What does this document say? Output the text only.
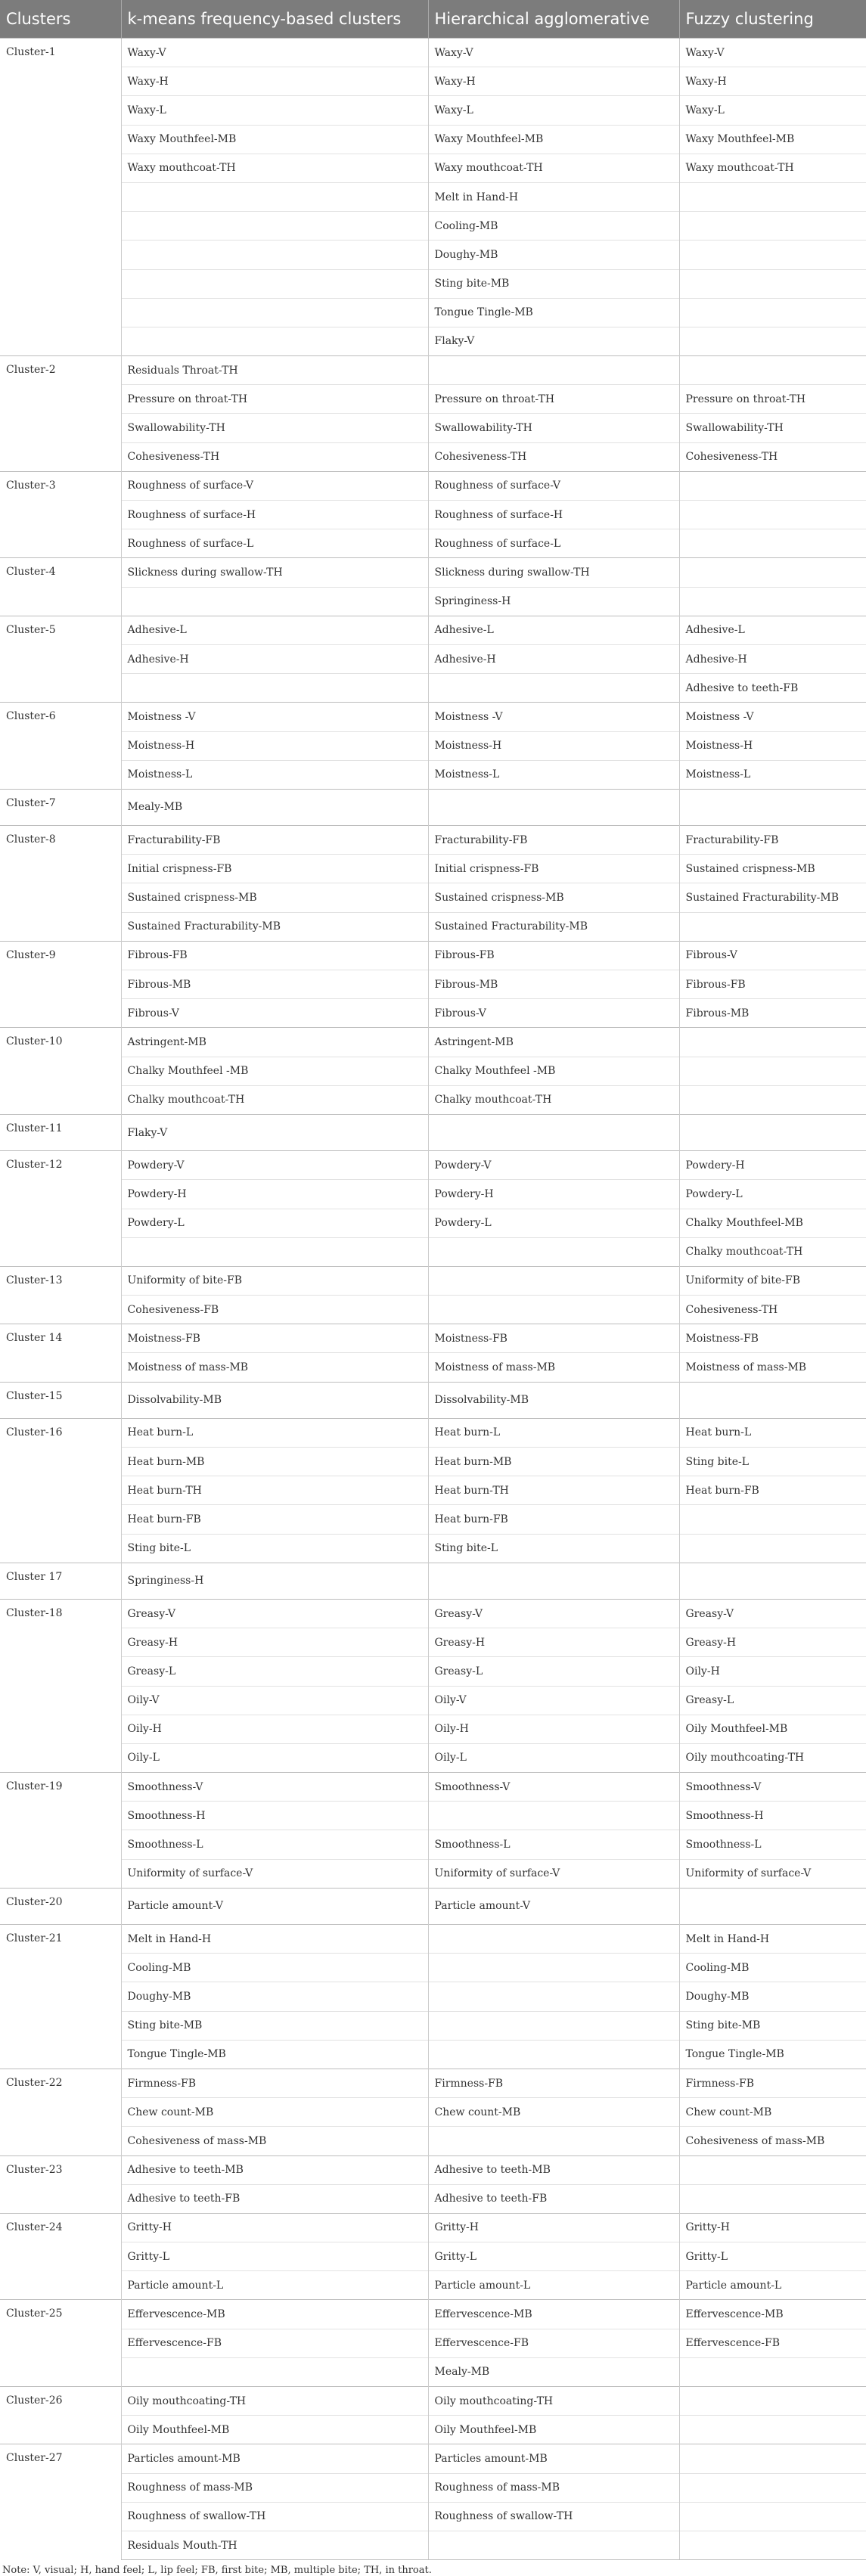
Clusters	k-means frequency-based clusters	Hierarchical agglomerative	Fuzzy clustering
Cluster-1	Waxy-V	Waxy-V	Waxy-V
	Waxy-H	Waxy-H	Waxy-H
	Waxy-L	Waxy-L	Waxy-L
	Waxy Mouthfeel-MB	Waxy Mouthfeel-MB	Waxy Mouthfeel-MB
	Waxy mouthcoat-TH	Waxy mouthcoat-TH	Waxy mouthcoat-TH
		Melt in Hand-H	
		Cooling-MB	
		Doughy-MB	
		Sting bite-MB	
		Tongue Tingle-MB	
		Flaky-V	
Cluster-2	Residuals Throat-TH		
	Pressure on throat-TH	Pressure on throat-TH	Pressure on throat-TH
	Swallowability-TH	Swallowability-TH	Swallowability-TH
	Cohesiveness-TH	Cohesiveness-TH	Cohesiveness-TH
Cluster-3	Roughness of surface-V	Roughness of surface-V	
	Roughness of surface-H	Roughness of surface-H	
	Roughness of surface-L	Roughness of surface-L	
Cluster-4	Slickness during swallow-TH	Slickness during swallow-TH	
		Springiness-H	
Cluster-5	Adhesive-L	Adhesive-L	Adhesive-L
	Adhesive-H	Adhesive-H	Adhesive-H
			Adhesive to teeth-FB
Cluster-6	Moistness -V	Moistness -V	Moistness -V
	Moistness-H	Moistness-H	Moistness-H
	Moistness-L	Moistness-L	Moistness-L
Cluster-7	Mealy-MB		
Cluster-8	Fracturability-FB	Fracturability-FB	Fracturability-FB
	Initial crispness-FB	Initial crispness-FB	Sustained crispness-MB
	Sustained crispness-MB	Sustained crispness-MB	Sustained Fracturability-MB
	Sustained Fracturability-MB	Sustained Fracturability-MB	
Cluster-9	Fibrous-FB	Fibrous-FB	Fibrous-V
	Fibrous-MB	Fibrous-MB	Fibrous-FB
	Fibrous-V	Fibrous-V	Fibrous-MB
Cluster-10	Astringent-MB	Astringent-MB	
	Chalky Mouthfeel -MB	Chalky Mouthfeel -MB	
	Chalky mouthcoat-TH	Chalky mouthcoat-TH	
Cluster-11	Flaky-V		
Cluster-12	Powdery-V	Powdery-V	Powdery-H
	Powdery-H	Powdery-H	Powdery-L
	Powdery-L	Powdery-L	Chalky Mouthfeel-MB
			Chalky mouthcoat-TH
Cluster-13	Uniformity of bite-FB		Uniformity of bite-FB
	Cohesiveness-FB		Cohesiveness-TH
Cluster 14	Moistness-FB	Moistness-FB	Moistness-FB
	Moistness of mass-MB	Moistness of mass-MB	Moistness of mass-MB
Cluster-15	Dissolvability-MB	Dissolvability-MB	
Cluster-16	Heat burn-L	Heat burn-L	Heat burn-L
	Heat burn-MB	Heat burn-MB	Sting bite-L
	Heat burn-TH	Heat burn-TH	Heat burn-FB
	Heat burn-FB	Heat burn-FB	
	Sting bite-L	Sting bite-L	
Cluster 17	Springiness-H		
Cluster-18	Greasy-V	Greasy-V	Greasy-V
	Greasy-H	Greasy-H	Greasy-H
	Greasy-L	Greasy-L	Oily-H
	Oily-V	Oily-V	Greasy-L
	Oily-H	Oily-H	Oily Mouthfeel-MB
	Oily-L	Oily-L	Oily mouthcoating-TH
Cluster-19	Smoothness-V	Smoothness-V	Smoothness-V
	Smoothness-H		Smoothness-H
	Smoothness-L	Smoothness-L	Smoothness-L
	Uniformity of surface-V	Uniformity of surface-V	Uniformity of surface-V
Cluster-20	Particle amount-V	Particle amount-V	
Cluster-21	Melt in Hand-H		Melt in Hand-H
	Cooling-MB		Cooling-MB
	Doughy-MB		Doughy-MB
	Sting bite-MB		Sting bite-MB
	Tongue Tingle-MB		Tongue Tingle-MB
Cluster-22	Firmness-FB	Firmness-FB	Firmness-FB
	Chew count-MB	Chew count-MB	Chew count-MB
	Cohesiveness of mass-MB		Cohesiveness of mass-MB
Cluster-23	Adhesive to teeth-MB	Adhesive to teeth-MB	
	Adhesive to teeth-FB	Adhesive to teeth-FB	
Cluster-24	Gritty-H	Gritty-H	Gritty-H
	Gritty-L	Gritty-L	Gritty-L
	Particle amount-L	Particle amount-L	Particle amount-L
Cluster-25	Effervescence-MB	Effervescence-MB	Effervescence-MB
	Effervescence-FB	Effervescence-FB	Effervescence-FB
		Mealy-MB	
Cluster-26	Oily mouthcoating-TH	Oily mouthcoating-TH	
	Oily Mouthfeel-MB	Oily Mouthfeel-MB	
Cluster-27	Particles amount-MB	Particles amount-MB	
	Roughness of mass-MB	Roughness of mass-MB	
	Roughness of swallow-TH	Roughness of swallow-TH	
	Residuals Mouth-TH		

Note: V, visual; H, hand feel; L, lip feel; FB, first bite; MB, multiple bite; TH, in throat.
